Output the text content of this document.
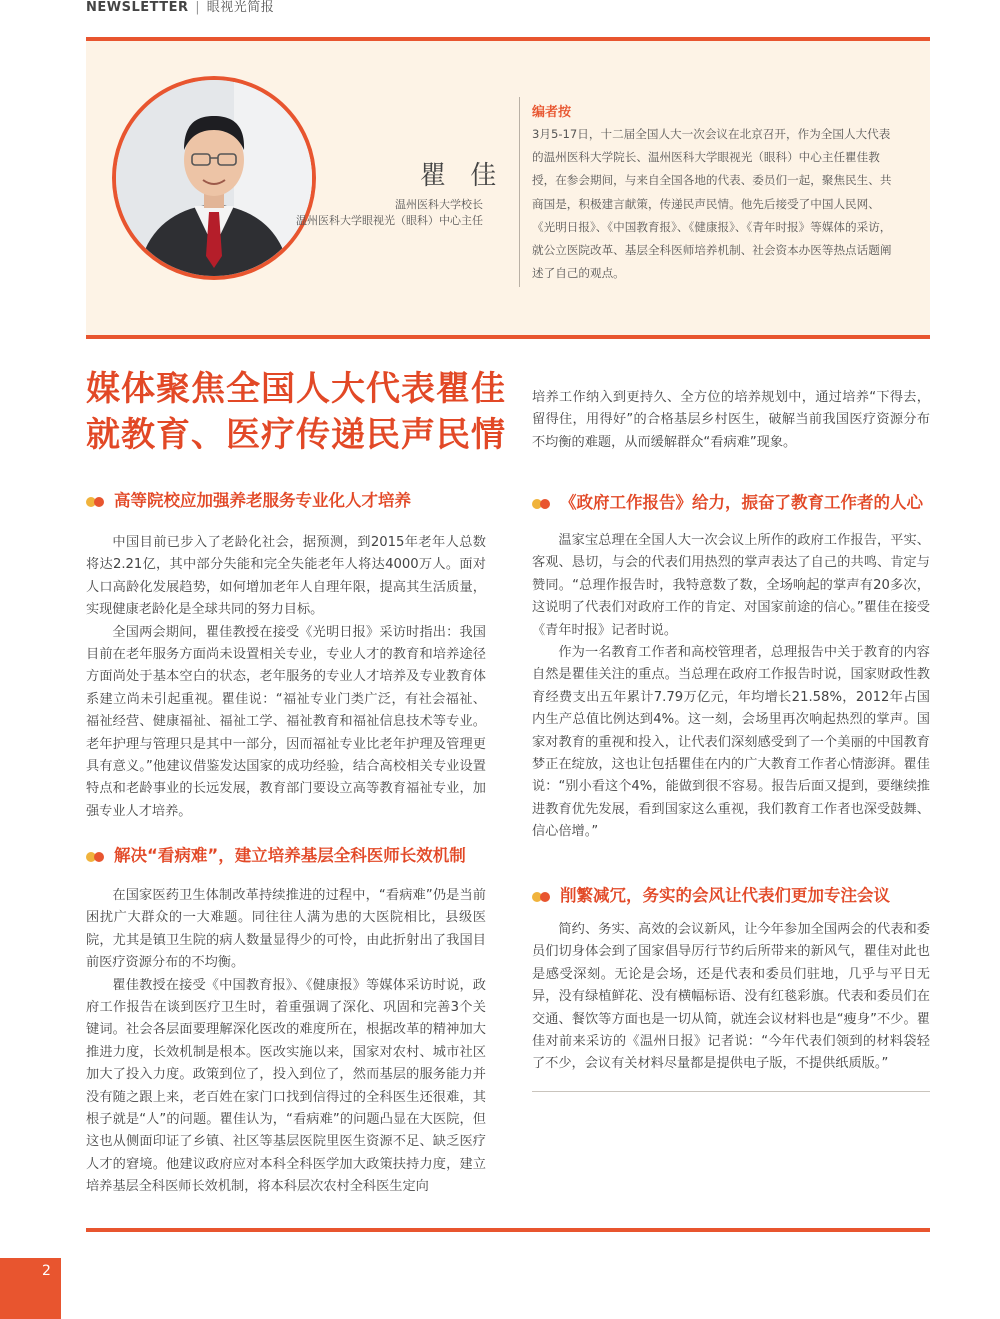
NEWSLETTER | 眼视光简报
瞿 佳
温州医科大学校长
温州医科大学眼视光（眼科）中心主任
编者按
3月5-17日，十二届全国人大一次会议在北京召开，作为全国人大代表的温州医科大学院长、温州医科大学眼视光（眼科）中心主任瞿佳教授，在参会期间，与来自全国各地的代表、委员们一起，聚焦民生、共商国是，积极建言献策，传递民声民情。他先后接受了中国人民网、《光明日报》、《中国教育报》、《健康报》、《青年时报》等媒体的采访，就公立医院改革、基层全科医师培养机制、社会资本办医等热点话题阐述了自己的观点。
媒体聚焦全国人大代表瞿佳
就教育、医疗传递民声民情
高等院校应加强养老服务专业化人才培养

中国目前已步入了老龄化社会，据预测，到2015年老年人总数将达2.21亿，其中部分失能和完全失能老年人将达4000万人。面对人口高龄化发展趋势，如何增加老年人自理年限，提高其生活质量，实现健康老龄化是全球共同的努力目标。

全国两会期间，瞿佳教授在接受《光明日报》采访时指出：我国目前在老年服务方面尚未设置相关专业，专业人才的教育和培养途径方面尚处于基本空白的状态，老年服务的专业人才培养及专业教育体系建立尚未引起重视。瞿佳说：“福祉专业门类广泛，有社会福祉、福祉经营、健康福祉、福祉工学、福祉教育和福祉信息技术等专业。老年护理与管理只是其中一部分，因而福祉专业比老年护理及管理更具有意义。”他建议借鉴发达国家的成功经验，结合高校相关专业设置特点和老龄事业的长远发展，教育部门要设立高等教育福祉专业，加强专业人才培养。

解决“看病难”，建立培养基层全科医师长效机制

在国家医药卫生体制改革持续推进的过程中，“看病难”仍是当前困扰广大群众的一大难题。同往往人满为患的大医院相比，县级医院，尤其是镇卫生院的病人数量显得少的可怜，由此折射出了我国目前医疗资源分布的不均衡。

瞿佳教授在接受《中国教育报》、《健康报》等媒体采访时说，政府工作报告在谈到医疗卫生时，着重强调了深化、巩固和完善3个关键词。社会各层面要理解深化医改的难度所在，根据改革的精神加大推进力度，长效机制是根本。医改实施以来，国家对农村、城市社区加大了投入力度。政策到位了，投入到位了，然而基层的服务能力并没有随之跟上来，老百姓在家门口找到信得过的全科医生还很难，其根子就是“人”的问题。瞿佳认为，“看病难”的问题凸显在大医院，但这也从侧面印证了乡镇、社区等基层医院里医生资源不足、缺乏医疗人才的窘境。他建议政府应对本科全科医学加大政策扶持力度，建立培养基层全科医师长效机制，将本科层次农村全科医生定向

培养工作纳入到更持久、全方位的培养规划中，通过培养“下得去，留得住，用得好”的合格基层乡村医生，破解当前我国医疗资源分布不均衡的难题，从而缓解群众“看病难”现象。

《政府工作报告》给力，振奋了教育工作者的人心

温家宝总理在全国人大一次会议上所作的政府工作报告，平实、客观、恳切，与会的代表们用热烈的掌声表达了自己的共鸣、肯定与赞同。“总理作报告时，我特意数了数，全场响起的掌声有20多次，这说明了代表们对政府工作的肯定、对国家前途的信心。”瞿佳在接受《青年时报》记者时说。

作为一名教育工作者和高校管理者，总理报告中关于教育的内容自然是瞿佳关注的重点。当总理在政府工作报告时说，国家财政性教育经费支出五年累计7.79万亿元，年均增长21.58%，2012年占国内生产总值比例达到4%。这一刻，会场里再次响起热烈的掌声。国家对教育的重视和投入，让代表们深刻感受到了一个美丽的中国教育梦正在绽放，这也让包括瞿佳在内的广大教育工作者心情澎湃。瞿佳说：“别小看这个4%，能做到很不容易。报告后面又提到，要继续推进教育优先发展，看到国家这么重视，我们教育工作者也深受鼓舞、信心倍增。”

削繁减冗，务实的会风让代表们更加专注会议

简约、务实、高效的会议新风，让今年参加全国两会的代表和委员们切身体会到了国家倡导厉行节约后所带来的新风气，瞿佳对此也是感受深刻。无论是会场，还是代表和委员们驻地，几乎与平日无异，没有绿植鲜花、没有横幅标语、没有红毯彩旗。代表和委员们在交通、餐饮等方面也是一切从简，就连会议材料也是“瘦身”不少。瞿佳对前来采访的《温州日报》记者说：“今年代表们领到的材料袋轻了不少，会议有关材料尽量都是提供电子版，不提供纸质版。”

2
